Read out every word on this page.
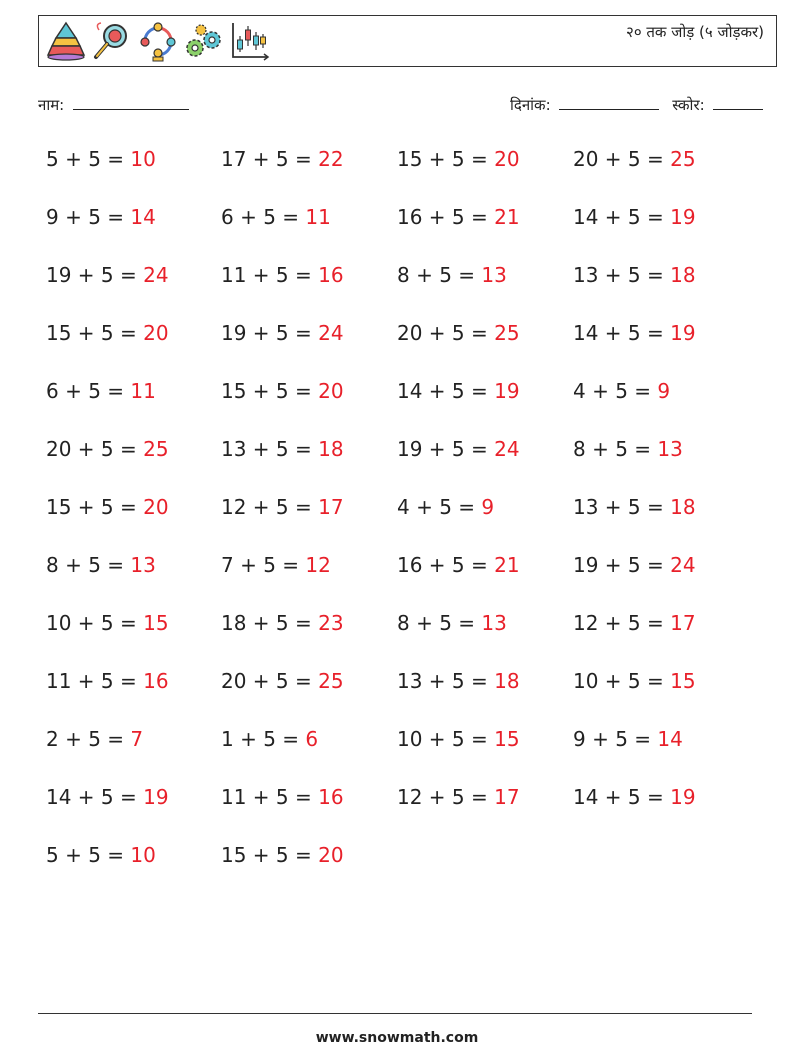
२० तक जोड़ (५ जोड़कर)
नाम:	दिनांक:	स्कोर:
5 + 5 = 10	17 + 5 = 22	15 + 5 = 20	20 + 5 = 25
9 + 5 = 14	6 + 5 = 11	16 + 5 = 21	14 + 5 = 19
19 + 5 = 24	11 + 5 = 16	8 + 5 = 13	13 + 5 = 18
15 + 5 = 20	19 + 5 = 24	20 + 5 = 25	14 + 5 = 19
6 + 5 = 11	15 + 5 = 20	14 + 5 = 19	4 + 5 = 9
20 + 5 = 25	13 + 5 = 18	19 + 5 = 24	8 + 5 = 13
15 + 5 = 20	12 + 5 = 17	4 + 5 = 9	13 + 5 = 18
8 + 5 = 13	7 + 5 = 12	16 + 5 = 21	19 + 5 = 24
10 + 5 = 15	18 + 5 = 23	8 + 5 = 13	12 + 5 = 17
11 + 5 = 16	20 + 5 = 25	13 + 5 = 18	10 + 5 = 15
2 + 5 = 7	1 + 5 = 6	10 + 5 = 15	9 + 5 = 14
14 + 5 = 19	11 + 5 = 16	12 + 5 = 17	14 + 5 = 19
5 + 5 = 10	15 + 5 = 20
www.snowmath.com
